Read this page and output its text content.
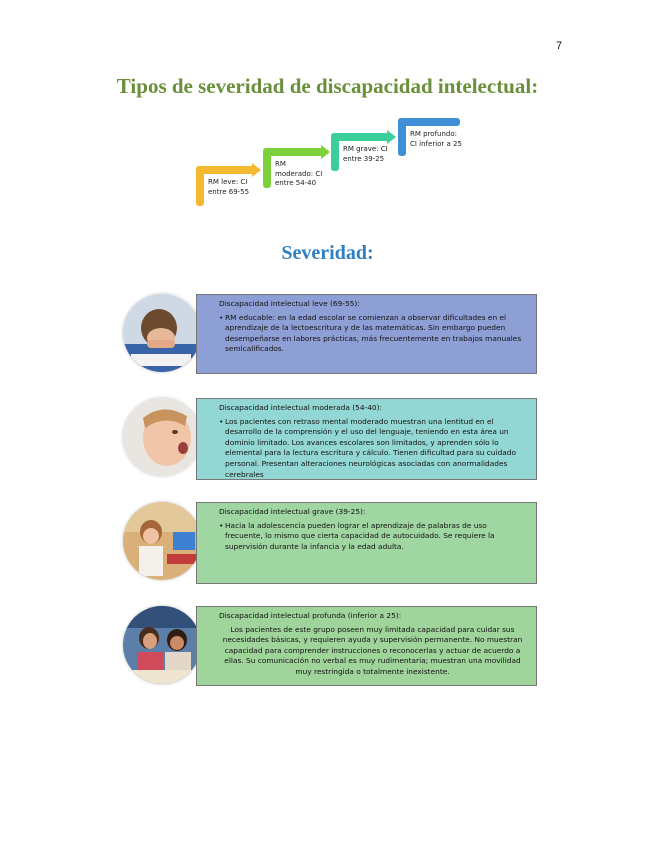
7
Tipos de severidad de discapacidad intelectual:
RM leve: CI entre 69-55
RM moderado: CI entre 54-40
RM grave: CI entre 39-25
RM profundo: CI inferior a 25
Severidad:
Discapacidad intelectual leve (69-55):
• RM educable: en la edad escolar se comienzan a observar dificultades en el aprendizaje de la lectoescritura y de las matemáticas. Sin embargo pueden desempeñarse en labores prácticas, más frecuentemente en trabajos manuales semicalificados.
Discapacidad intelectual moderada (54-40):
• Los pacientes con retraso mental moderado muestran una lentitud en el desarrollo de la comprensión y el uso del lenguaje, teniendo en esta área un dominio limitado. Los avances escolares son limitados, y aprenden sólo lo elemental para la lectura escritura y cálculo. Tienen dificultad para su cuidado personal. Presentan alteraciones neurológicas asociadas con anormalidades cerebrales
Discapacidad intelectual grave (39-25):
• Hacia la adolescencia pueden lograr el aprendizaje de palabras de uso frecuente, lo mismo que cierta capacidad de autocuidado. Se requiere la supervisión durante la infancia y la edad adulta.
Discapacidad intelectual profunda (inferior a 25):
Los pacientes de este grupo poseen muy limitada capacidad para cuidar sus necesidades básicas, y requieren ayuda y supervisión permanente. No muestran capacidad para comprender instrucciones o reconocerlas y actuar de acuerdo a ellas. Su comunicación no verbal es muy rudimentaria; muestran una movilidad muy restringida o totalmente inexistente.
